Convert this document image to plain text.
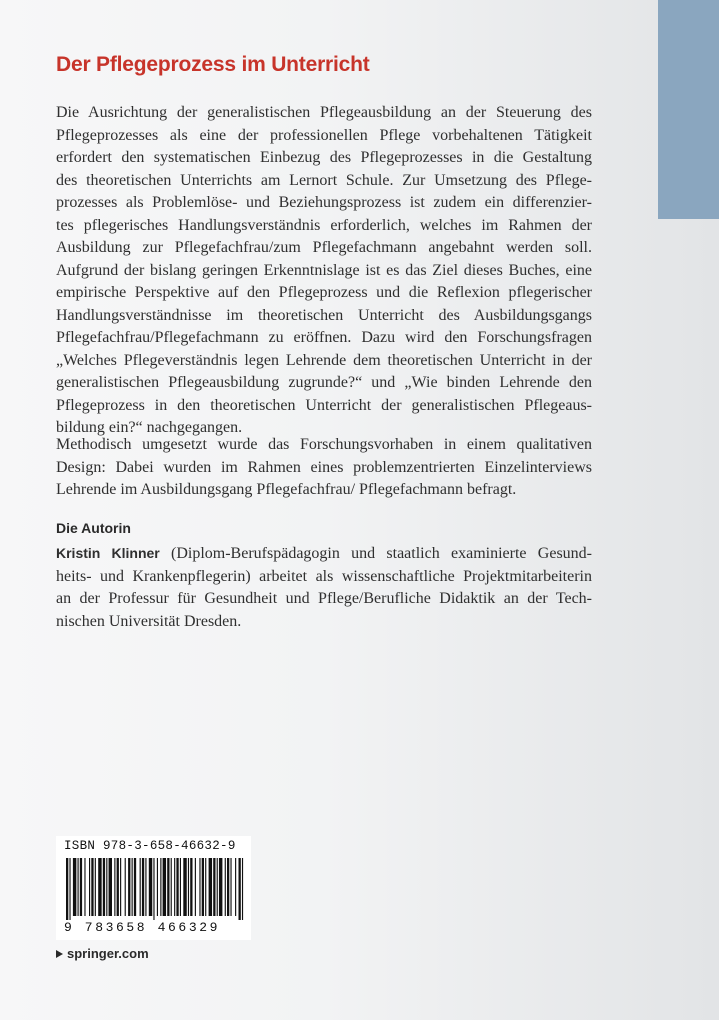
Der Pflegeprozess im Unterricht
Die Ausrichtung der generalistischen Pflegeausbildung an der Steuerung des
Pflegeprozesses als eine der professionellen Pflege vorbehaltenen Tätigkeit
erfordert den systematischen Einbezug des Pflegeprozesses in die Gestaltung
des theoretischen Unterrichts am Lernort Schule. Zur Umsetzung des Pflege-
prozesses als Problemlöse- und Beziehungsprozess ist zudem ein differenzier-
tes pflegerisches Handlungsverständnis erforderlich, welches im Rahmen der
Ausbildung zur Pflegefachfrau/zum Pflegefachmann angebahnt werden soll.
Aufgrund der bislang geringen Erkenntnislage ist es das Ziel dieses Buches, eine
empirische Perspektive auf den Pflegeprozess und die Reflexion pflegerischer
Handlungsverständnisse im theoretischen Unterricht des Ausbildungsgangs
Pflegefachfrau/Pflegefachmann zu eröffnen. Dazu wird den Forschungsfragen
„Welches Pflegeverständnis legen Lehrende dem theoretischen Unterricht in der
generalistischen Pflegeausbildung zugrunde?“ und „Wie binden Lehrende den
Pflegeprozess in den theoretischen Unterricht der generalistischen Pflegeaus-
bildung ein?“ nachgegangen.
Methodisch umgesetzt wurde das Forschungsvorhaben in einem qualitativen
Design: Dabei wurden im Rahmen eines problemzentrierten Einzelinterviews
Lehrende im Ausbildungsgang Pflegefachfrau/ Pflegefachmann befragt.
Die Autorin
Kristin Klinner (Diplom-Berufspädagogin und staatlich examinierte Gesund-
heits- und Krankenpflegerin) arbeitet als wissenschaftliche Projektmitarbeiterin
an der Professur für Gesundheit und Pflege/Berufliche Didaktik an der Tech-
nischen Universität Dresden.
ISBN 978-3-658-46632-9
9 783658 466329
springer.com
